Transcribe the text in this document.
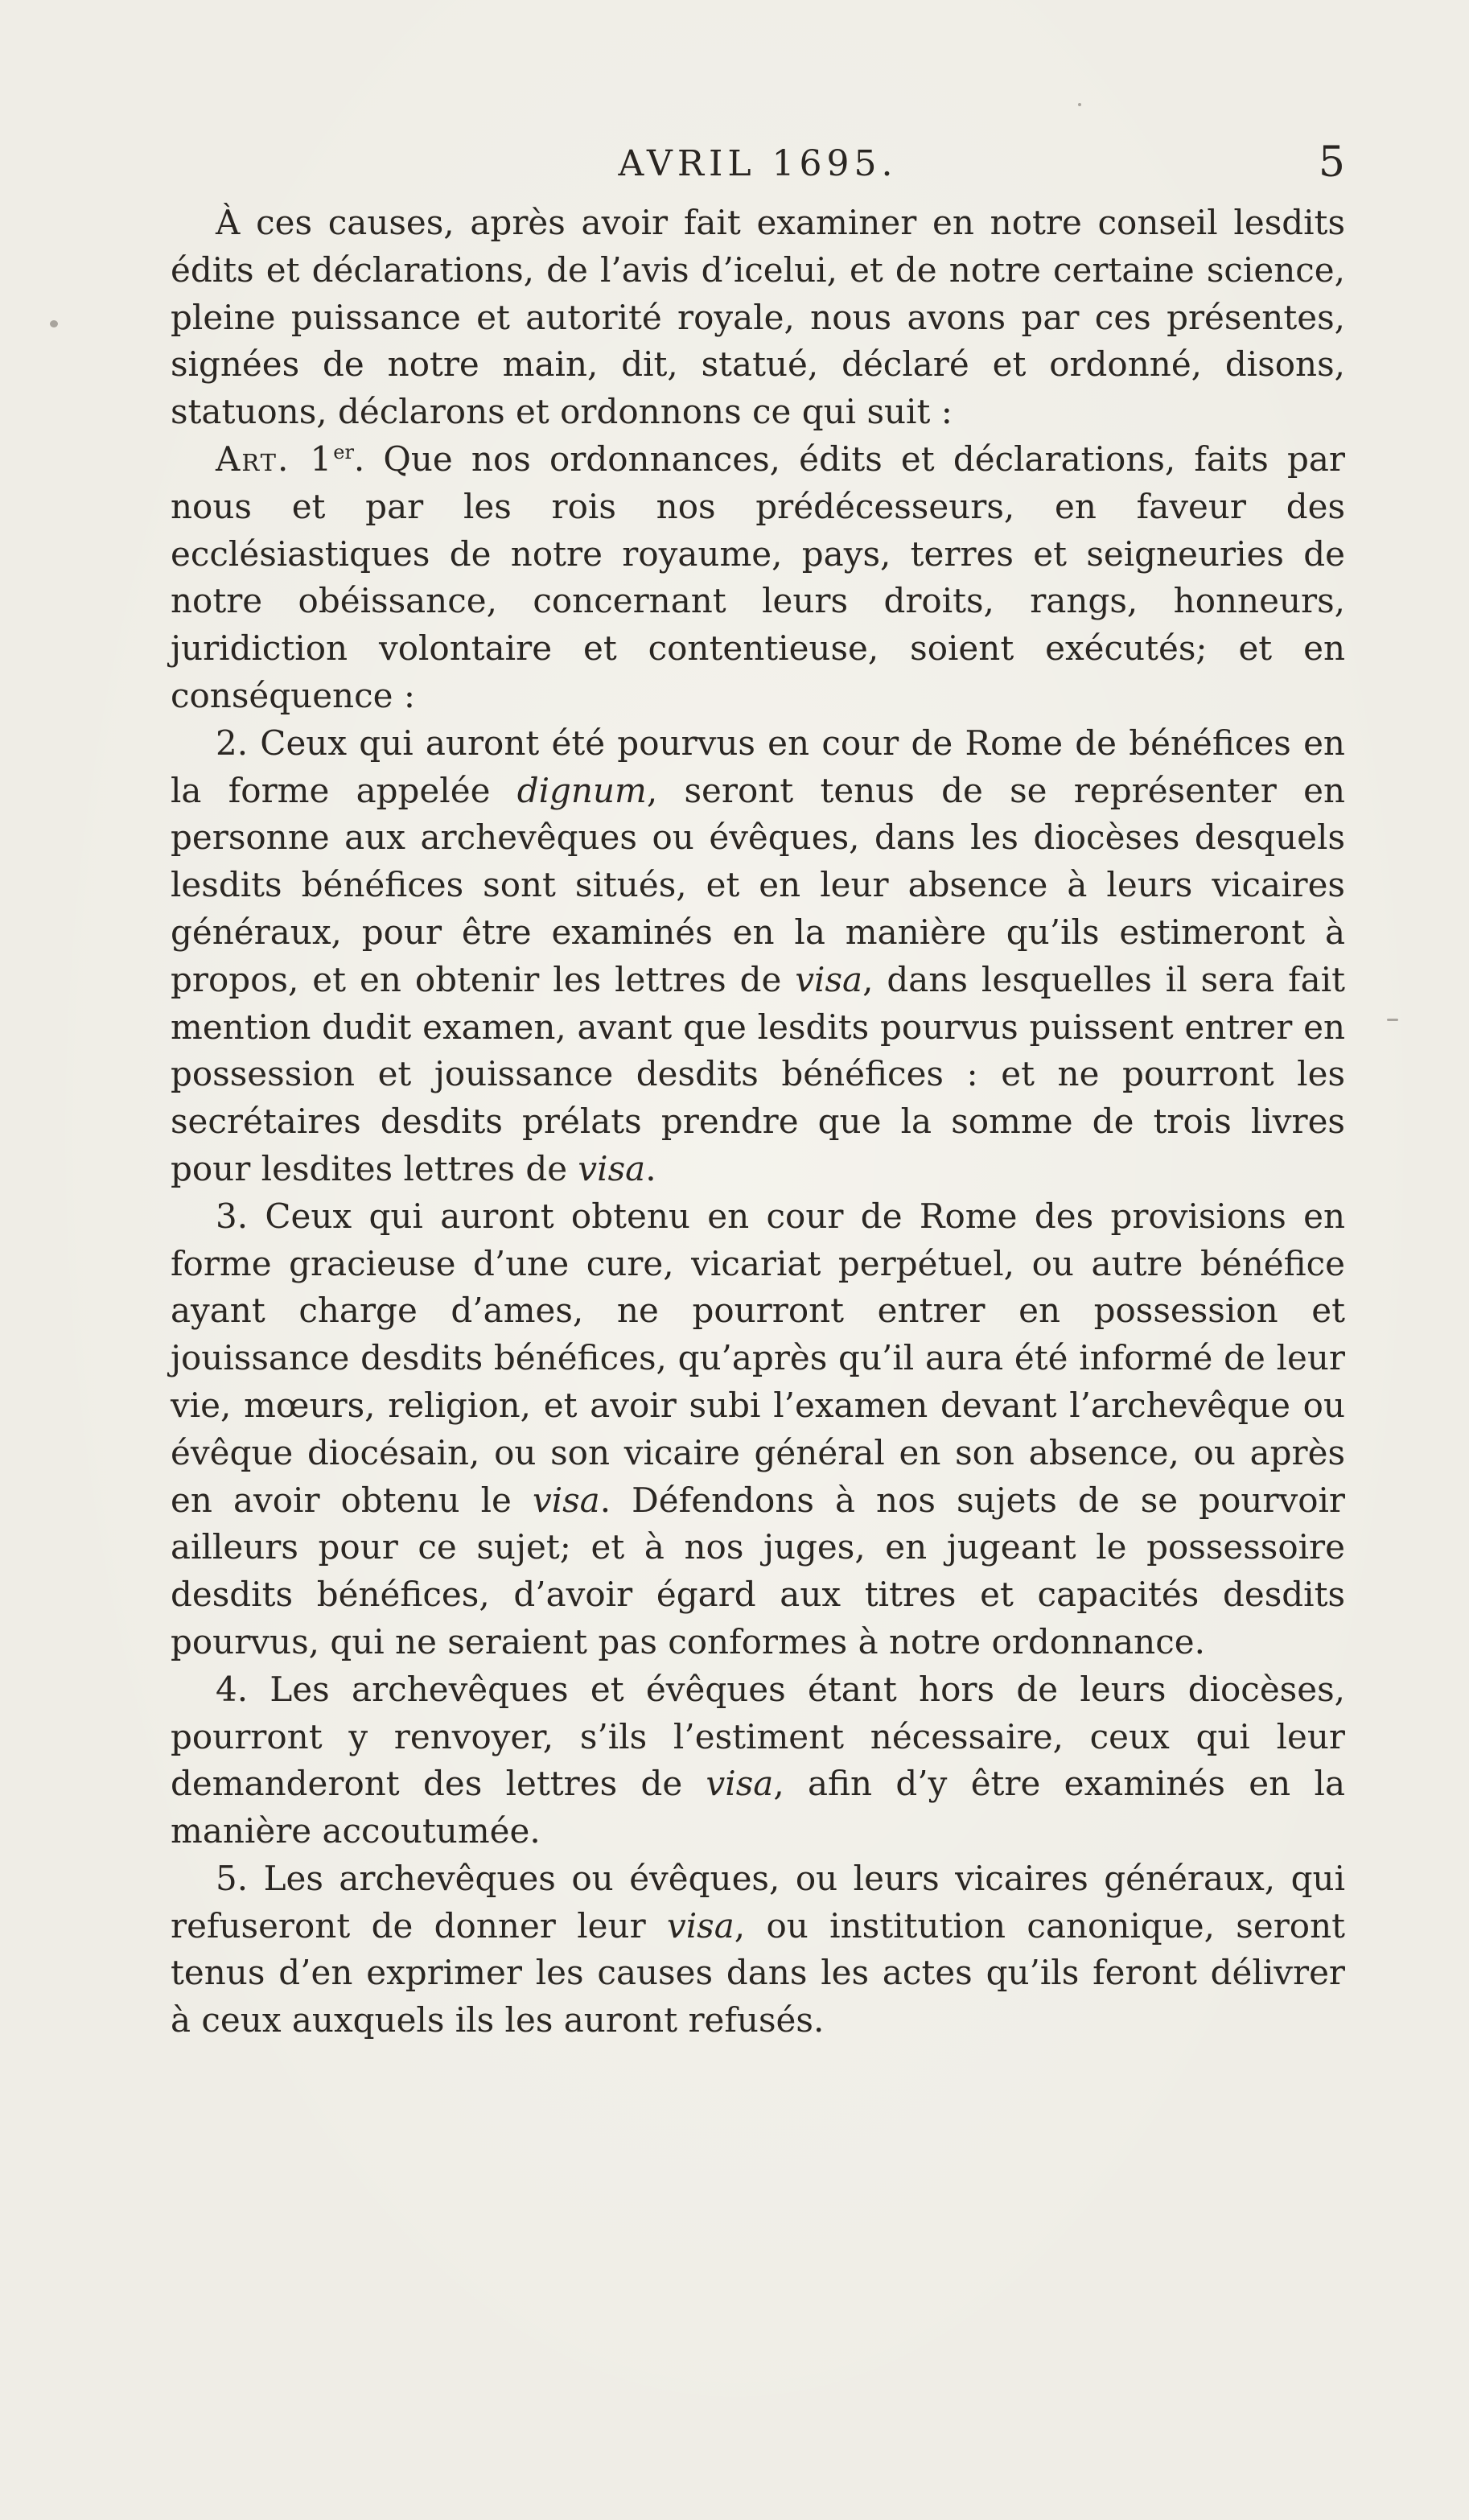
AVRIL 1695.	5

À ces causes, après avoir fait examiner en notre conseil lesdits édits et déclarations, de l’avis d’icelui, et de notre certaine science, pleine puissance et autorité royale, nous avons par ces présentes, signées de notre main, dit, statué, déclaré et ordonné, disons, statuons, déclarons et ordonnons ce qui suit :

Art. 1er. Que nos ordonnances, édits et déclarations, faits par nous et par les rois nos prédécesseurs, en faveur des ecclésiastiques de notre royaume, pays, terres et seigneuries de notre obéissance, concernant leurs droits, rangs, honneurs, juridiction volontaire et contentieuse, soient exécutés; et en conséquence :

2. Ceux qui auront été pourvus en cour de Rome de bénéfices en la forme appelée dignum, seront tenus de se représenter en personne aux archevêques ou évêques, dans les diocèses desquels lesdits bénéfices sont situés, et en leur absence à leurs vicaires généraux, pour être examinés en la manière qu’ils estimeront à propos, et en obtenir les lettres de visa, dans lesquelles il sera fait mention dudit examen, avant que lesdits pourvus puissent entrer en possession et jouissance desdits bénéfices : et ne pourront les secrétaires desdits prélats prendre que la somme de trois livres pour lesdites lettres de visa.

3. Ceux qui auront obtenu en cour de Rome des provisions en forme gracieuse d’une cure, vicariat perpétuel, ou autre bénéfice ayant charge d’ames, ne pourront entrer en possession et jouissance desdits bénéfices, qu’après qu’il aura été informé de leur vie, mœurs, religion, et avoir subi l’examen devant l’archevêque ou évêque diocésain, ou son vicaire général en son absence, ou après en avoir obtenu le visa. Défendons à nos sujets de se pourvoir ailleurs pour ce sujet; et à nos juges, en jugeant le possessoire desdits bénéfices, d’avoir égard aux titres et capacités desdits pourvus, qui ne seraient pas conformes à notre ordonnance.

4. Les archevêques et évêques étant hors de leurs diocèses, pourront y renvoyer, s’ils l’estiment nécessaire, ceux qui leur demanderont des lettres de visa, afin d’y être examinés en la manière accoutumée.

5. Les archevêques ou évêques, ou leurs vicaires généraux, qui refuseront de donner leur visa, ou institution canonique, seront tenus d’en exprimer les causes dans les actes qu’ils feront délivrer à ceux auxquels ils les auront refusés.
